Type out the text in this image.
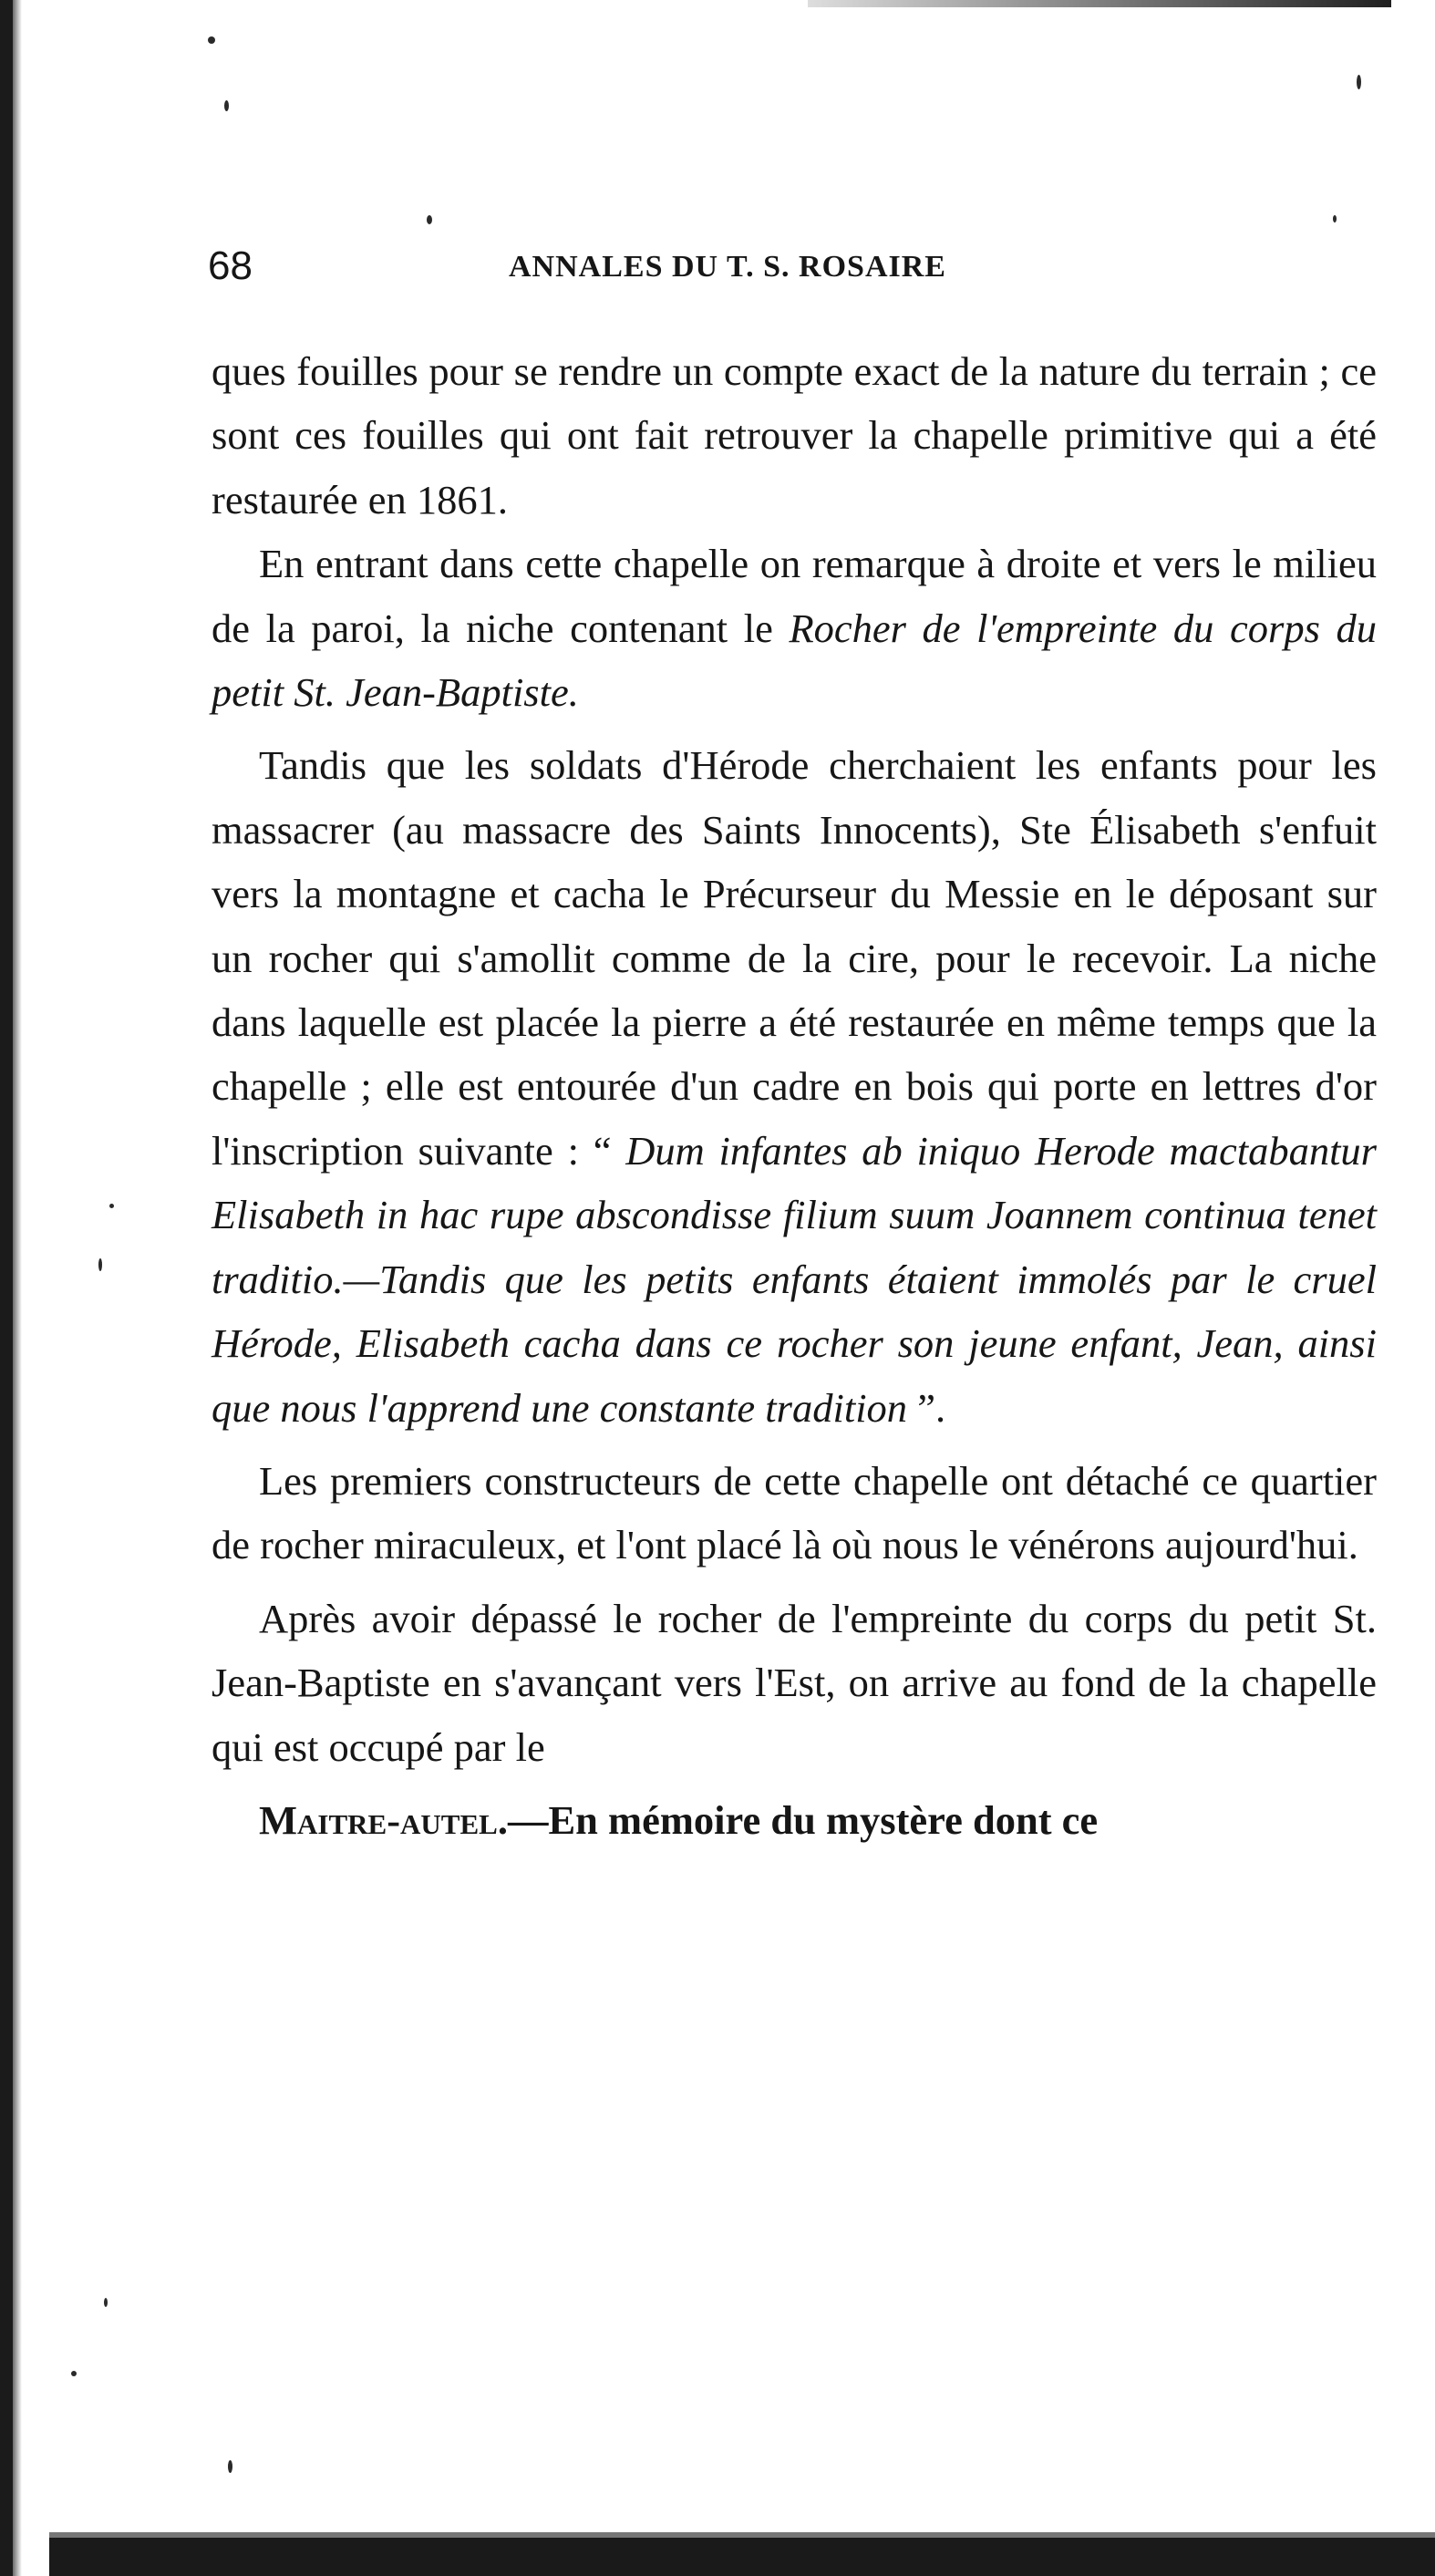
68	ANNALES DU T. S. ROSAIRE

ques fouilles pour se rendre un compte exact de la nature du terrain ; ce sont ces fouilles qui ont fait retrouver la chapelle primitive qui a été restaurée en 1861.

En entrant dans cette chapelle on remarque à droite et vers le milieu de la paroi, la niche contenant le Rocher de l'empreinte du corps du petit St. Jean-Baptiste.

Tandis que les soldats d'Hérode cherchaient les enfants pour les massacrer (au massacre des Saints Innocents), Ste Élisabeth s'enfuit vers la montagne et cacha le Précurseur du Messie en le déposant sur un rocher qui s'amollit comme de la cire, pour le recevoir. La niche dans laquelle est placée la pierre a été restaurée en même temps que la chapelle ; elle est entourée d'un cadre en bois qui porte en lettres d'or l'inscription suivante : “ Dum infantes ab iniquo Herode mactabantur Elisabeth in hac rupe abscondisse filium suum Joannem continua tenet traditio.—Tandis que les petits enfants étaient immolés par le cruel Hérode, Elisabeth cacha dans ce rocher son jeune enfant, Jean, ainsi que nous l'apprend une constante tradition ”.

Les premiers constructeurs de cette chapelle ont détaché ce quartier de rocher miraculeux, et l'ont placé là où nous le vénérons aujourd'hui.

Après avoir dépassé le rocher de l'empreinte du corps du petit St. Jean-Baptiste en s'avançant vers l'Est, on arrive au fond de la chapelle qui est occupé par le

Maitre-autel.—En mémoire du mystère dont ce
